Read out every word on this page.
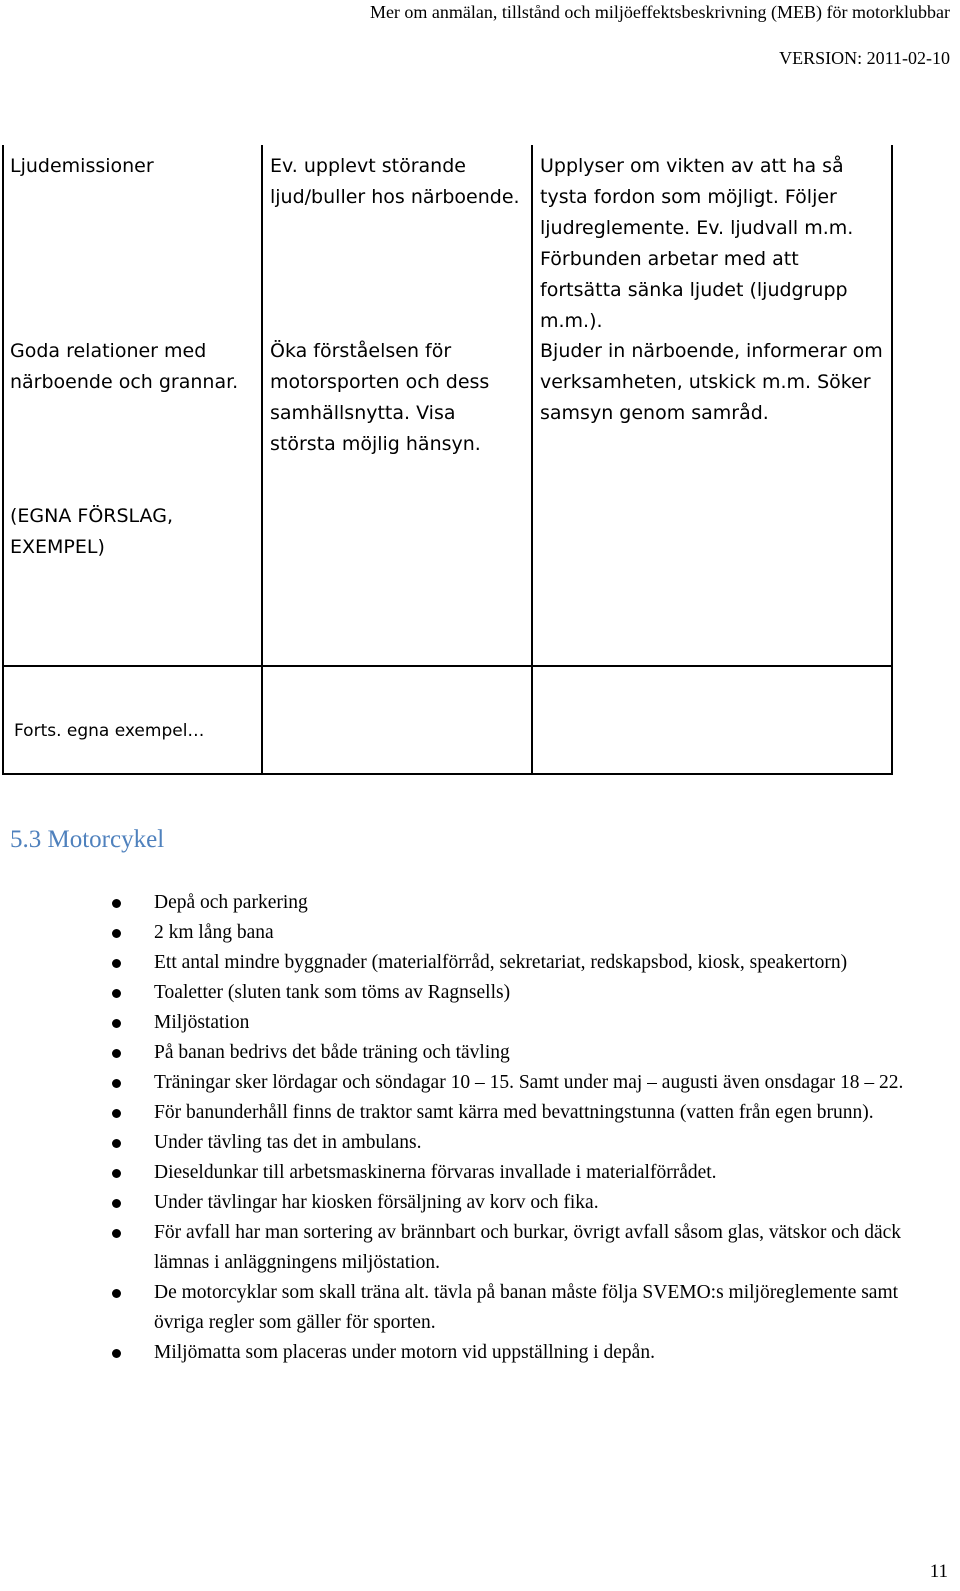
Mer om anmälan, tillstånd och miljöeffektsbeskrivning (MEB) för motorklubbar
VERSION: 2011-02-10
Ljudemissioner	Ev. upplevt störande ljud/buller hos närboende.
Upplyser om vikten av att ha så tysta fordon som möjligt. Följer ljudreglemente. Ev. ljudvall m.m. Förbunden arbetar med att fortsätta sänka ljudet (ljudgrupp m.m.).
Goda relationer med närboende och grannar.
Öka förståelsen för motorsporten och dess samhällsnytta. Visa största möjlig hänsyn.
Bjuder in närboende, informerar om verksamheten, utskick m.m. Söker samsyn genom samråd.
(EGNA FÖRSLAG, EXEMPEL)
Forts. egna exempel…
5.3 Motorcykel
Depå och parkering
2 km lång bana
Ett antal mindre byggnader (materialförråd, sekretariat, redskapsbod, kiosk, speakertorn)
Toaletter (sluten tank som töms av Ragnsells)
Miljöstation
På banan bedrivs det både träning och tävling
Träningar sker lördagar och söndagar 10 – 15. Samt under maj – augusti även onsdagar 18 – 22.
För banunderhåll finns de traktor samt kärra med bevattningstunna (vatten från egen brunn).
Under tävling tas det in ambulans.
Dieseldunkar till arbetsmaskinerna förvaras invallade i materialförrådet.
Under tävlingar har kiosken försäljning av korv och fika.
För avfall har man sortering av brännbart och burkar, övrigt avfall såsom glas, vätskor och däck lämnas i anläggningens miljöstation.
De motorcyklar som skall träna alt. tävla på banan måste följa SVEMO:s miljöreglemente samt övriga regler som gäller för sporten.
Miljömatta som placeras under motorn vid uppställning i depån.
11
